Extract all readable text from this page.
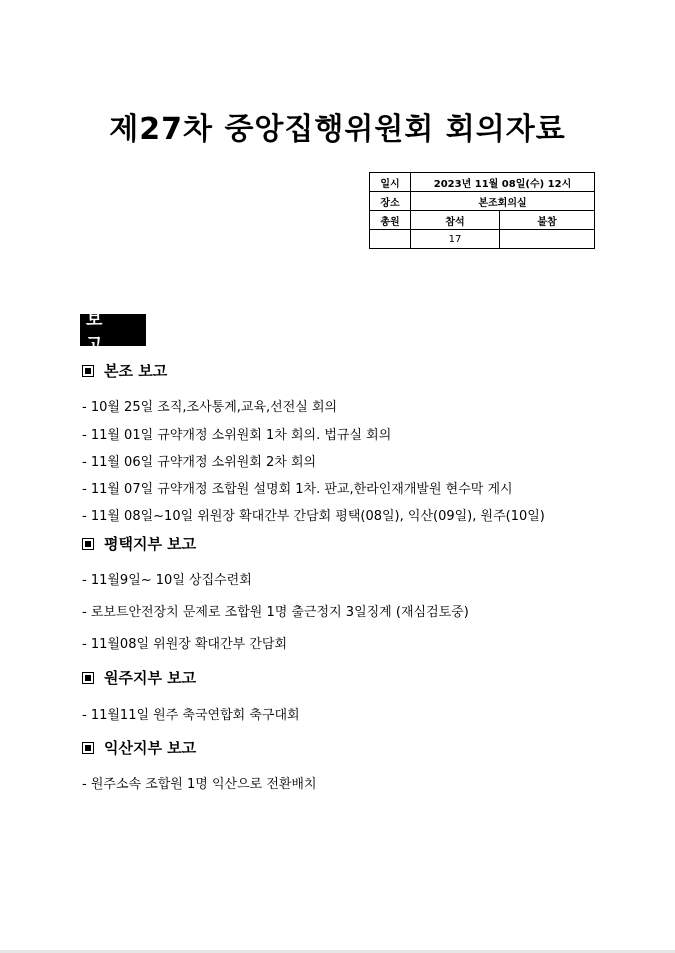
제27차 중앙집행위원회 회의자료
일시	2023년 11월 08일(수) 12시	
장소	본조회의실	
총원	참석	불참
	17	
보 고
본조 보고
- 10월 25일 조직,조사통계,교육,선전실 회의
- 11월 01일 규약개정 소위원회 1차 회의. 법규실 회의
- 11월 06일 규약개정 소위원회 2차 회의
- 11월 07일 규약개정 조합원 설명회 1차. 판교,한라인재개발원 현수막 게시
- 11월 08일~10일 위원장 확대간부 간담회 평택(08일), 익산(09일), 원주(10일)
평택지부 보고
- 11월9일~ 10일 상집수련회
- 로보트안전장치 문제로 조합원 1명 출근정지 3일징계 (재심검토중)
- 11월08일 위원장 확대간부 간담회
원주지부 보고
- 11월11일 원주 축국연합회 축구대회
익산지부 보고
- 원주소속 조합원 1명 익산으로 전환배치
